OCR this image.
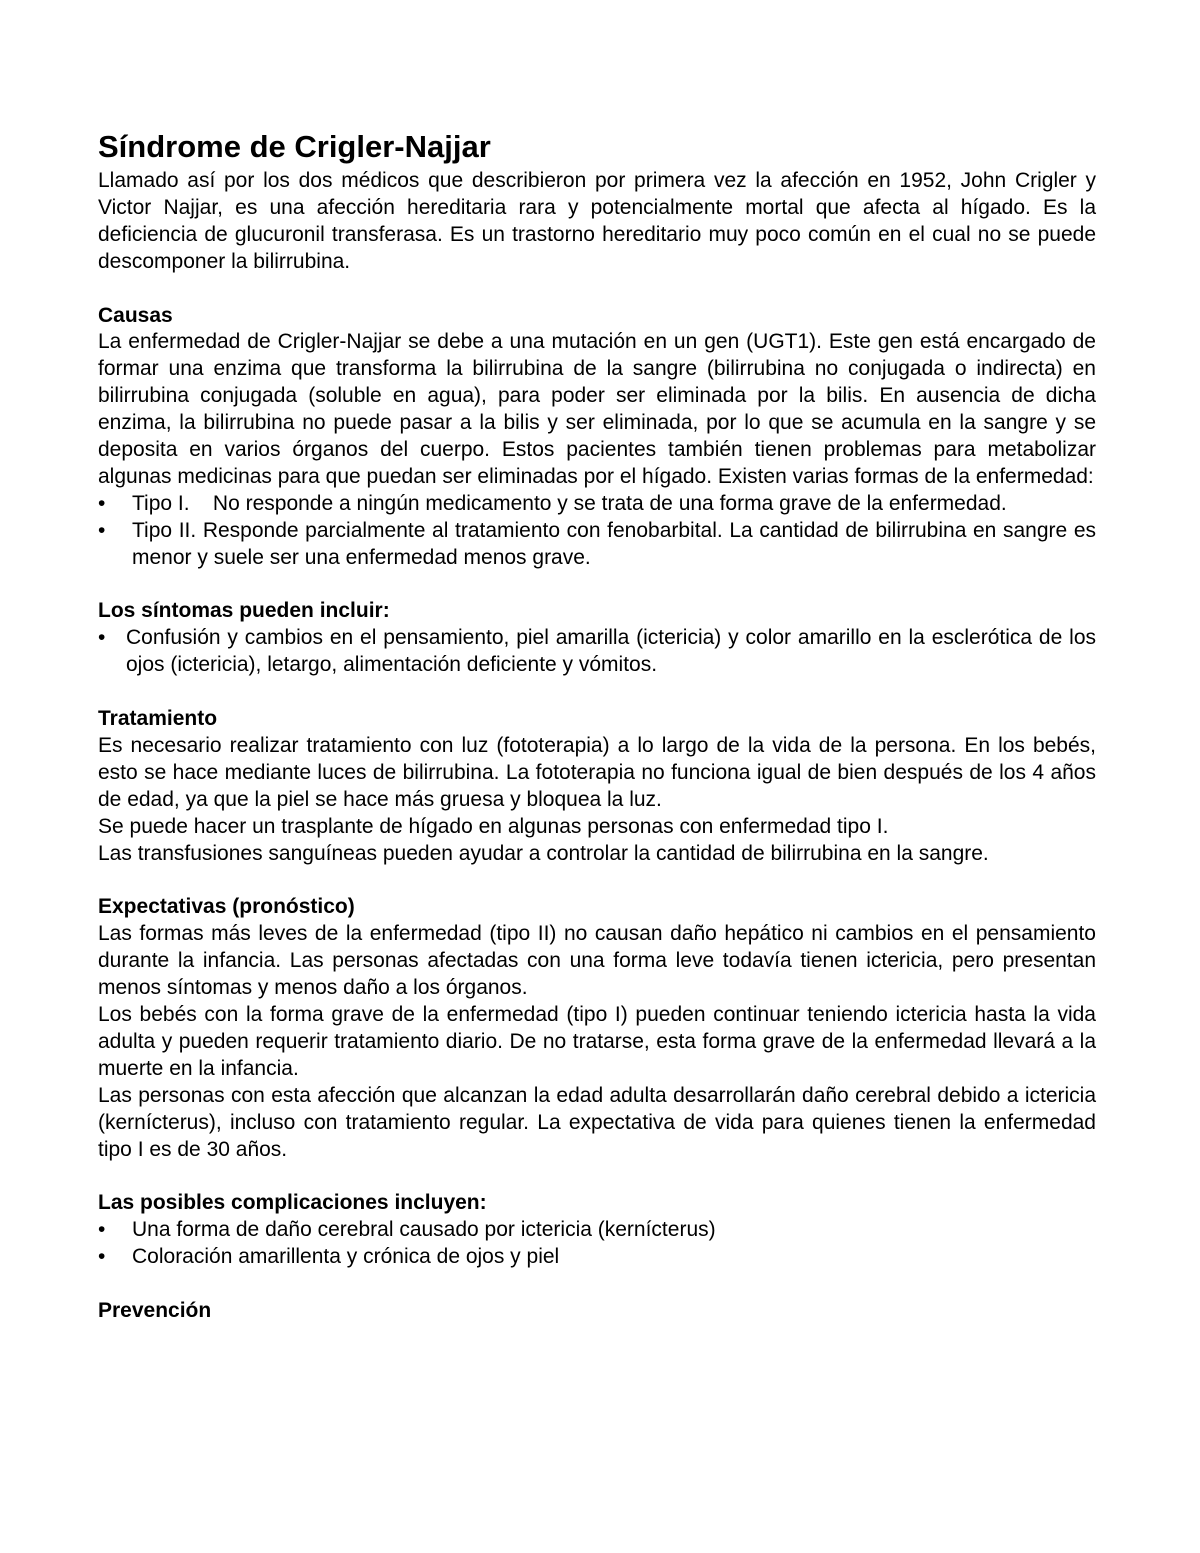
Síndrome de Crigler-Najjar

Llamado así por los dos médicos que describieron por primera vez la afección en 1952, John Crigler y Victor Najjar, es una afección hereditaria rara y potencialmente mortal que afecta al hígado. Es la deficiencia de glucuronil transferasa. Es un trastorno hereditario muy poco común en el cual no se puede descomponer la bilirrubina.

Causas

La enfermedad de Crigler-Najjar se debe a una mutación en un gen (UGT1). Este gen está encargado de formar una enzima que transforma la bilirrubina de la sangre (bilirrubina no conjugada o indirecta) en bilirrubina conjugada (soluble en agua), para poder ser eliminada por la bilis. En ausencia de dicha enzima, la bilirrubina no puede pasar a la bilis y ser eliminada, por lo que se acumula en la sangre y se deposita en varios órganos del cuerpo. Estos pacientes también tienen problemas para metabolizar algunas medicinas para que puedan ser eliminadas por el hígado. Existen varias formas de la enfermedad:

• Tipo I.    No responde a ningún medicamento y se trata de una forma grave de la enfermedad.
• Tipo II. Responde parcialmente al tratamiento con fenobarbital. La cantidad de bilirrubina en sangre es menor y suele ser una enfermedad menos grave.
Los síntomas pueden incluir:
• Confusión y cambios en el pensamiento, piel amarilla (ictericia) y color amarillo en la esclerótica de los ojos (ictericia), letargo, alimentación deficiente y vómitos.
Tratamiento

Es necesario realizar tratamiento con luz (fototerapia) a lo largo de la vida de la persona. En los bebés, esto se hace mediante luces de bilirrubina. La fototerapia no funciona igual de bien después de los 4 años de edad, ya que la piel se hace más gruesa y bloquea la luz.

Se puede hacer un trasplante de hígado en algunas personas con enfermedad tipo I.

Las transfusiones sanguíneas pueden ayudar a controlar la cantidad de bilirrubina en la sangre.

Expectativas (pronóstico)

Las formas más leves de la enfermedad (tipo II) no causan daño hepático ni cambios en el pensamiento durante la infancia. Las personas afectadas con una forma leve todavía tienen ictericia, pero presentan menos síntomas y menos daño a los órganos.

Los bebés con la forma grave de la enfermedad (tipo I) pueden continuar teniendo ictericia hasta la vida adulta y pueden requerir tratamiento diario. De no tratarse, esta forma grave de la enfermedad llevará a la muerte en la infancia.

Las personas con esta afección que alcanzan la edad adulta desarrollarán daño cerebral debido a ictericia (kernícterus), incluso con tratamiento regular. La expectativa de vida para quienes tienen la enfermedad tipo I es de 30 años.

Las posibles complicaciones incluyen:
• Una forma de daño cerebral causado por ictericia (kernícterus)
• Coloración amarillenta y crónica de ojos y piel
Prevención
